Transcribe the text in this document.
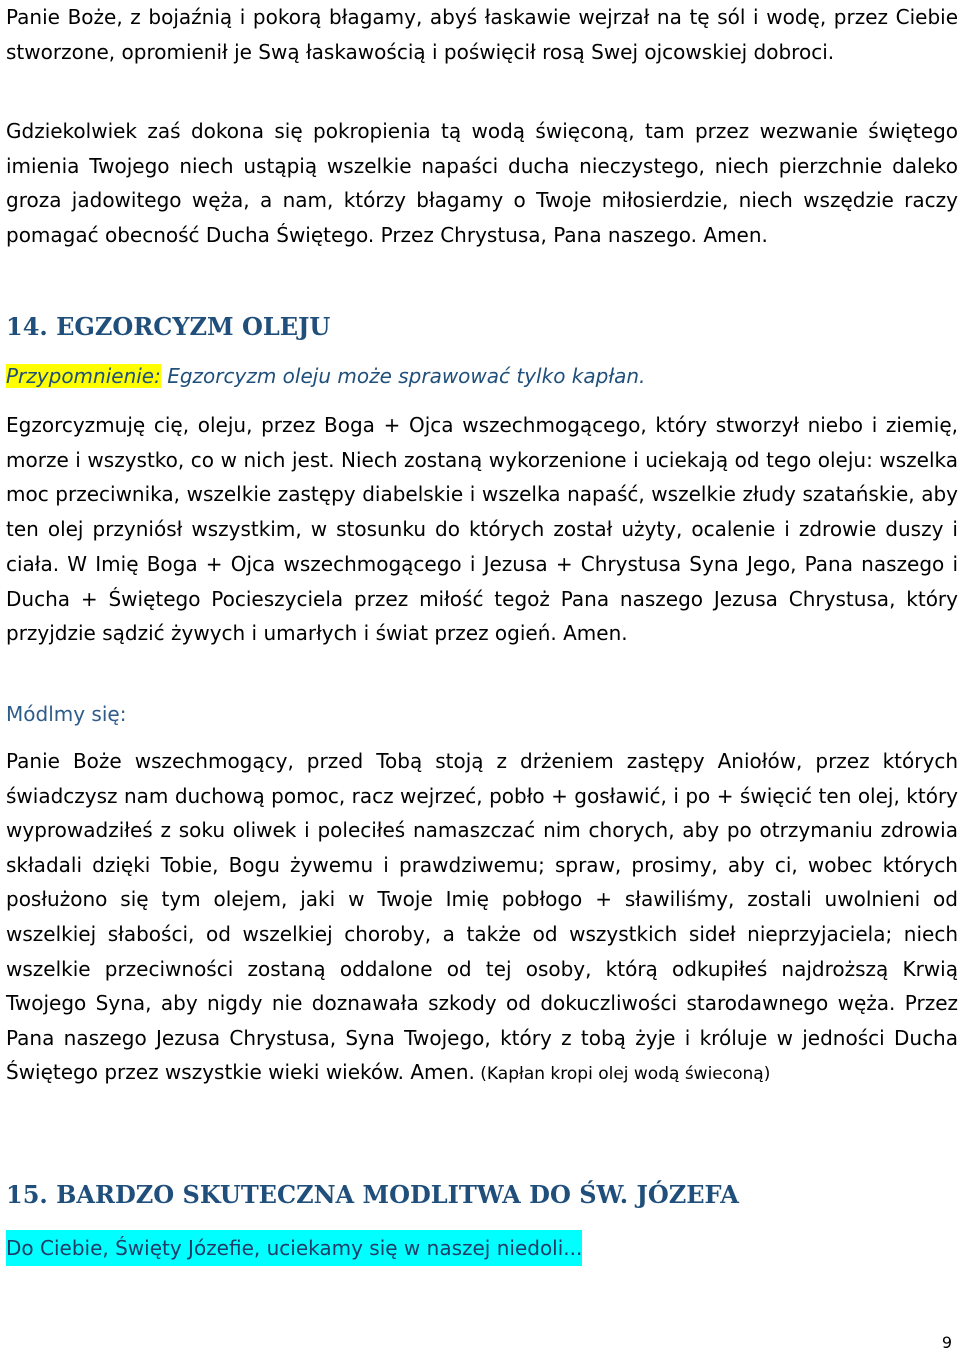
Panie Boże, z bojaźnią i pokorą błagamy, abyś łaskawie wejrzał na tę sól i wodę, przez Ciebie stworzone, opromienił je Swą łaskawością i poświęcił rosą Swej ojcowskiej dobroci.

Gdziekolwiek zaś dokona się pokropienia tą wodą święconą, tam przez wezwanie świętego imienia Twojego niech ustąpią wszelkie napaści ducha nieczystego, niech pierzchnie daleko groza jadowitego węża, a nam, którzy błagamy o Twoje miłosierdzie, niech wszędzie raczy pomagać obecność Ducha Świętego. Przez Chrystusa, Pana naszego. Amen.

14. EGZORCYZM OLEJU
Przypomnienie: Egzorcyzm oleju może sprawować tylko kapłan.

Egzorcyzmuję cię, oleju, przez Boga + Ojca wszechmogącego, który stworzył niebo i ziemię, morze i wszystko, co w nich jest. Niech zostaną wykorzenione i uciekają od tego oleju: wszelka moc przeciwnika, wszelkie zastępy diabelskie i wszelka napaść, wszelkie złudy szatańskie, aby ten olej przyniósł wszystkim, w stosunku do których został użyty, ocalenie i zdrowie duszy i ciała. W Imię Boga + Ojca wszechmogącego i Jezusa + Chrystusa Syna Jego, Pana naszego i Ducha + Świętego Pocieszyciela przez miłość tegoż Pana naszego Jezusa Chrystusa, który przyjdzie sądzić żywych i umarłych i świat przez ogień. Amen.

Módlmy się:

Panie Boże wszechmogący, przed Tobą stoją z drżeniem zastępy Aniołów, przez których świadczysz nam duchową pomoc, racz wejrzeć, pobło + gosławić, i po + święcić ten olej, który wyprowadziłeś z soku oliwek i poleciłeś namaszczać nim chorych, aby po otrzymaniu zdrowia składali dzięki Tobie, Bogu żywemu i prawdziwemu; spraw, prosimy, aby ci, wobec których posłużono się tym olejem, jaki w Twoje Imię pobłogo + sławiliśmy, zostali uwolnieni od wszelkiej słabości, od wszelkiej choroby, a także od wszystkich sideł nieprzyjaciela; niech wszelkie przeciwności zostaną oddalone od tej osoby, którą odkupiłeś najdroższą Krwią Twojego Syna, aby nigdy nie doznawała szkody od dokuczliwości starodawnego węża. Przez Pana naszego Jezusa Chrystusa, Syna Twojego, który z tobą żyje i króluje w jedności Ducha Świętego przez wszystkie wieki wieków. Amen. (Kapłan kropi olej wodą świeconą)

15. BARDZO SKUTECZNA MODLITWA DO ŚW. JÓZEFA
Do Ciebie, Święty Józefie, uciekamy się w naszej niedoli...
9
